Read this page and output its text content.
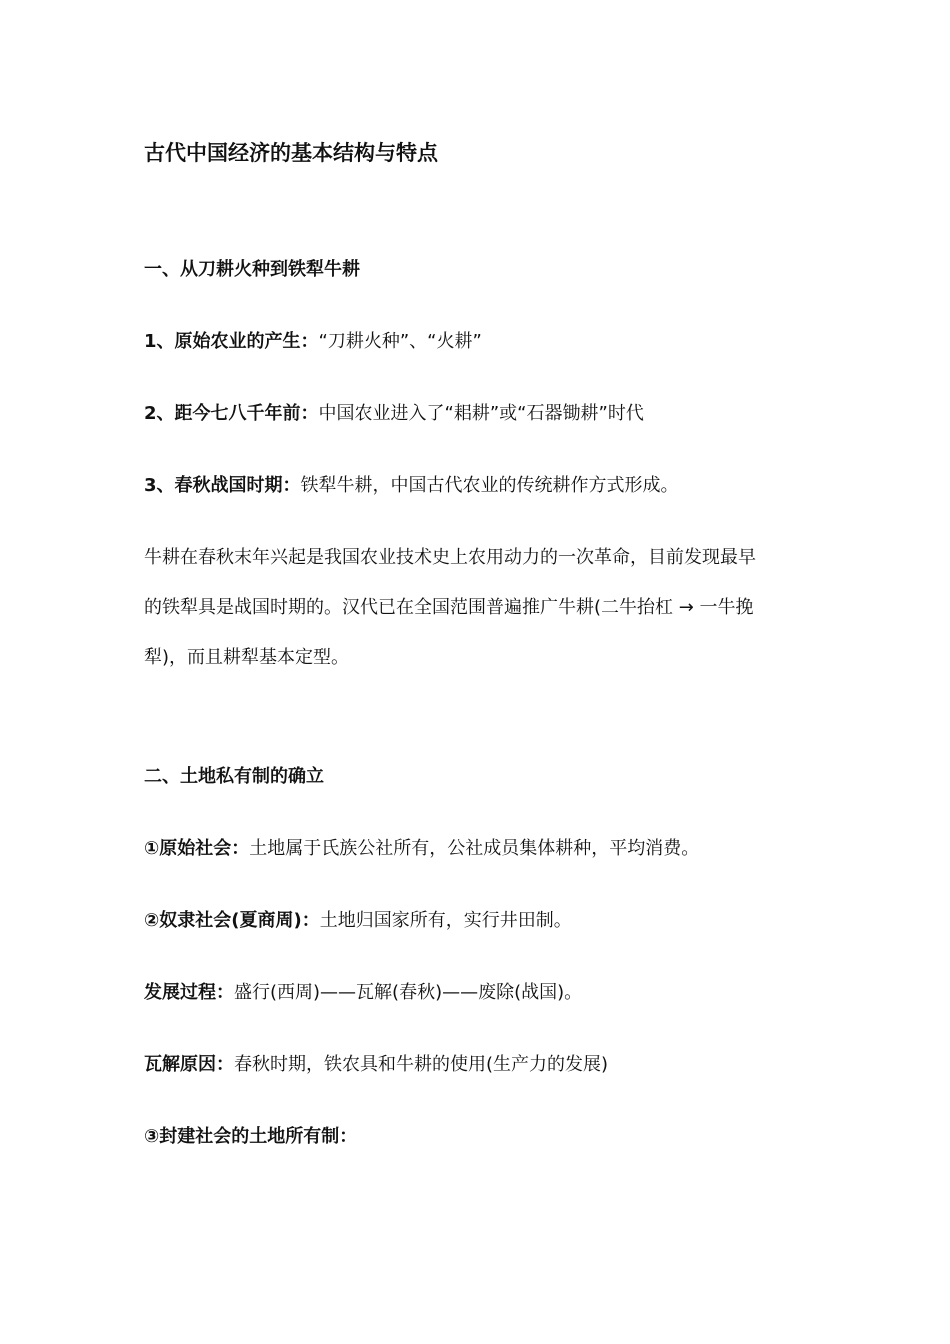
古代中国经济的基本结构与特点
一、从刀耕火种到铁犁牛耕
1、原始农业的产生：“刀耕火种”、“火耕”
2、距今七八千年前：中国农业进入了“耜耕”或“石器锄耕”时代
3、春秋战国时期：铁犁牛耕，中国古代农业的传统耕作方式形成。
牛耕在春秋末年兴起是我国农业技术史上农用动力的一次革命，目前发现最早
的铁犁具是战国时期的。汉代已在全国范围普遍推广牛耕(二牛抬杠 → 一牛挽
犁)，而且耕犁基本定型。
二、土地私有制的确立
①原始社会：土地属于氏族公社所有，公社成员集体耕种，平均消费。
②奴隶社会(夏商周)：土地归国家所有，实行井田制。
发展过程：盛行(西周)——瓦解(春秋)——废除(战国)。
瓦解原因：春秋时期，铁农具和牛耕的使用(生产力的发展)
③封建社会的土地所有制：
